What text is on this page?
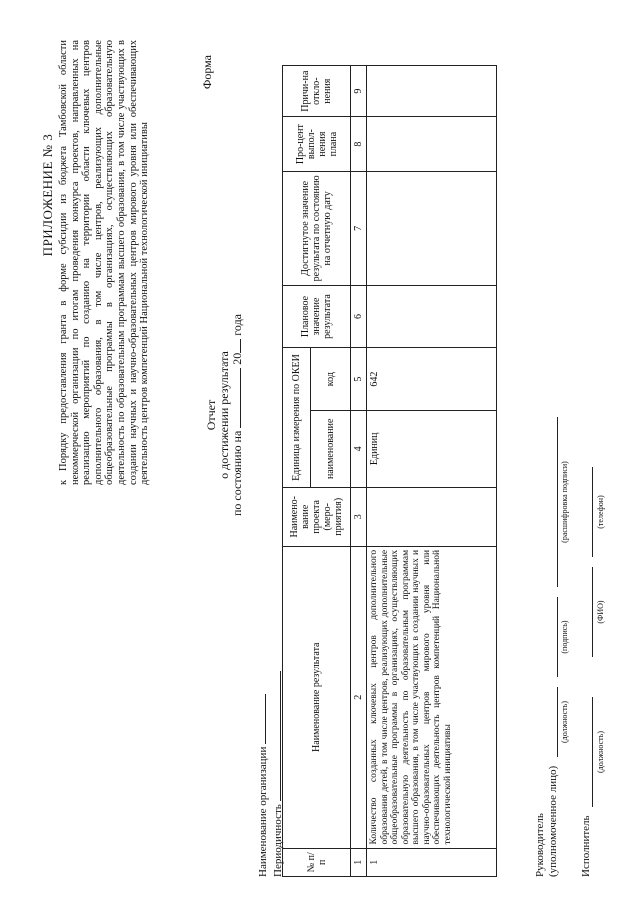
ПРИЛОЖЕНИЕ № 3 к Порядку предоставления гранта в форме субсидии из бюджета Тамбовской области некоммерческой организации по итогам проведения конкурса проектов, направленных на реализацию мероприятий по созданию на территории области ключевых центров дополнительного образования, в том числе центров, реализующих дополнительные общеобразовательные программы в организациях, осуществляющих образовательную деятельность по образовательным программам высшего образования, в том числе участвующих в создании научных и научно-образовательных центров мирового уровня или обеспечивающих деятельность центров компетенций Национальной технологической инициативы
Форма
Отчет о достижении результата по состоянию на  20 года
Наименование организации Периодичность № п/п	Наименование результата	Наимено-вание проекта (меро-приятия)	Единица измерения по ОКЕИ		Плановое значение результата	Достигнутое значение результата по состоянию на отчетную дату	Про-цент выпол-нения плана	Причи-на откло-нения
			наименование	код				
1	2	3	4	5	6	7	8	9
1	Количество созданных ключевых центров дополнительного образования детей, в том числе центров, реализующих дополнительные общеобразовательные программы в организациях, осуществляющих образовательную деятельность по образовательным программам высшего образования, в том числе участвующих в создании научных и научно-образовательных центров мирового уровня или обеспечивающих деятельность центров компетенций Национальной технологической инициативы		Единиц	642				
Руководитель (уполномоченное лицо)
(должность)
(подпись)
(расшифровка подписи)
Исполнитель
(должность)
(ФИО)
(телефон)
